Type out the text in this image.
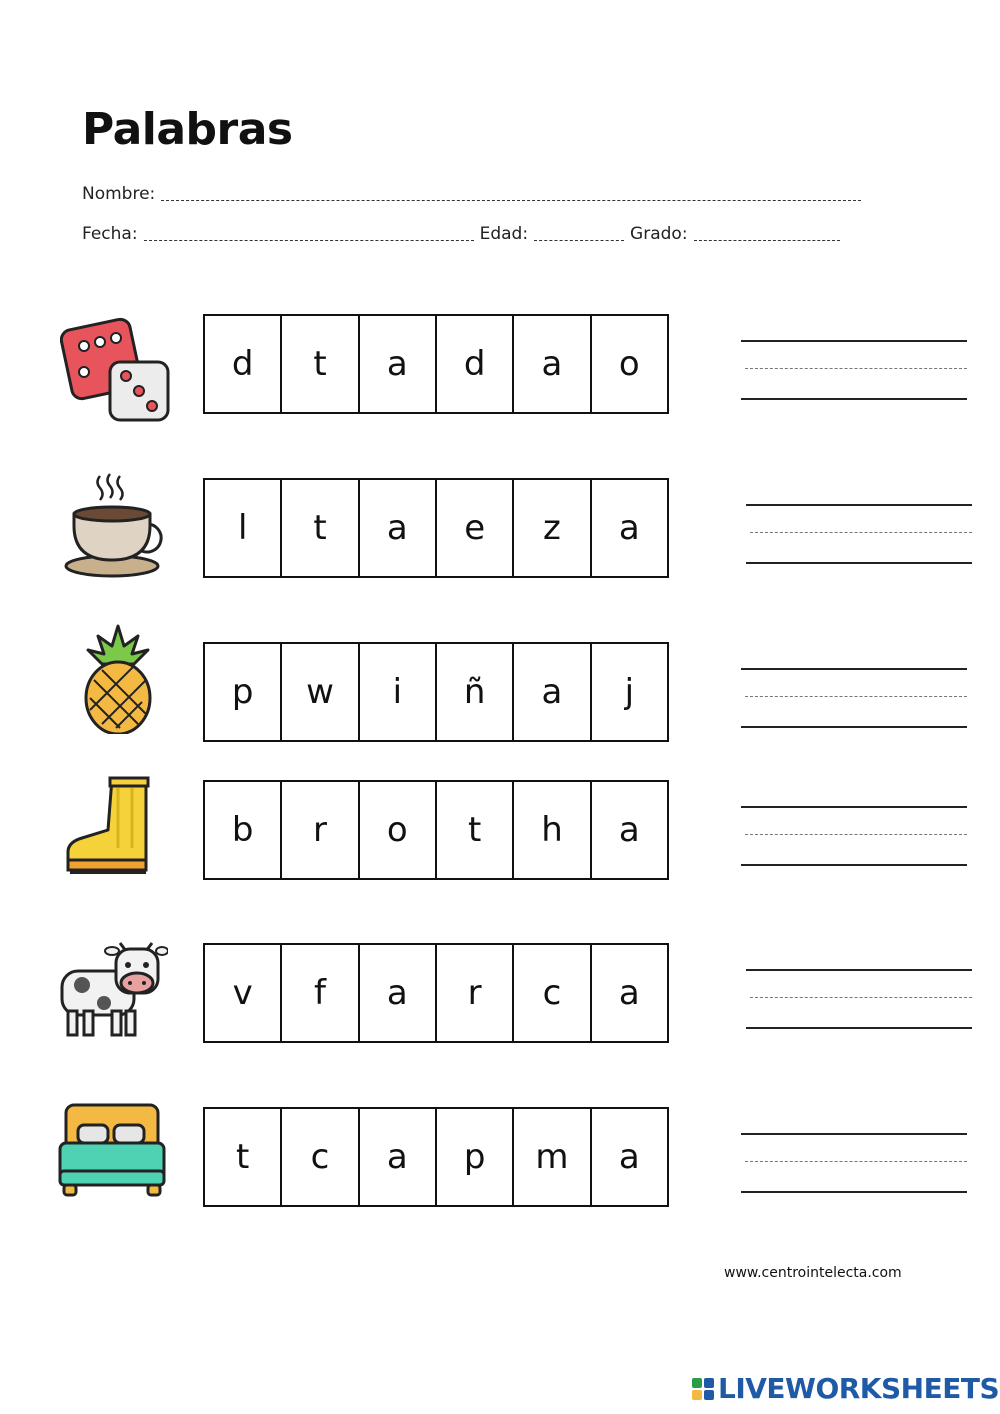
Palabras
Nombre:
Fecha:	Edad:	Grado:
d	t	a	d	a	o
l	t	a	e	z	a
p	w	i	ñ	a	j
b	r	o	t	h	a
v	f	a	r	c	a
t	c	a	p	m	a
www.centrointelecta.com
LIVEWORKSHEETS
